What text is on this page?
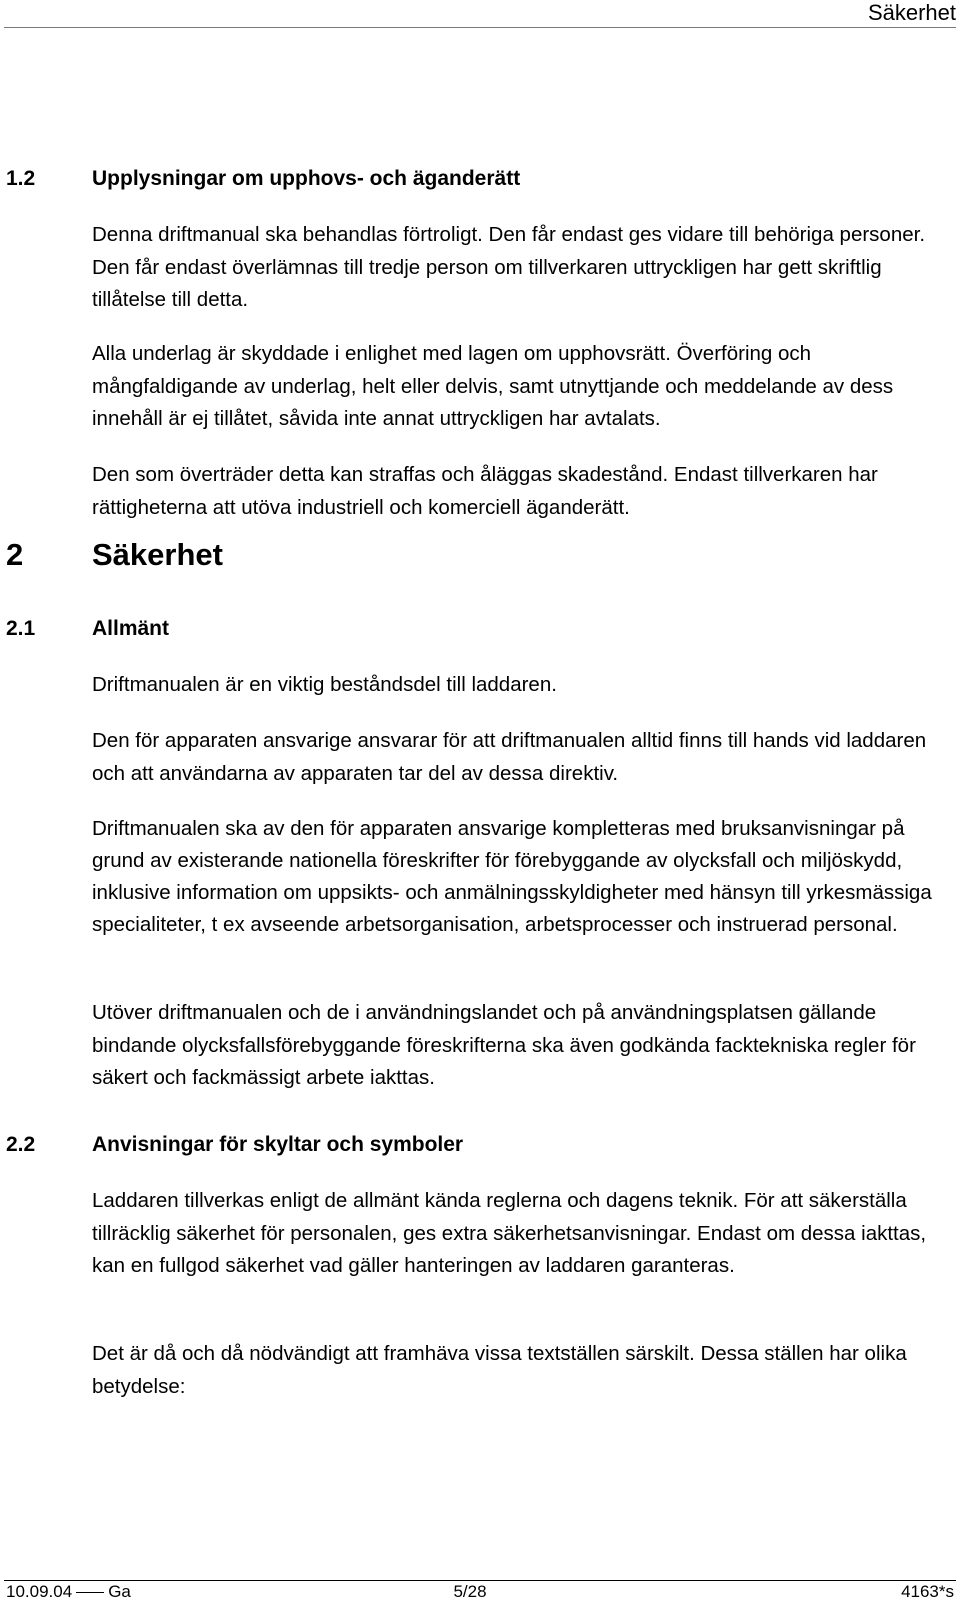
Säkerhet
1.2	Upplysningar om upphovs- och äganderätt

Denna driftmanual ska behandlas förtroligt. Den får endast ges vidare till behöriga personer. Den får endast överlämnas till tredje person om tillverkaren uttryckligen har gett skriftlig tillåtelse till detta.

Alla underlag är skyddade i enlighet med lagen om upphovsrätt. Överföring och mångfaldigande av underlag, helt eller delvis, samt utnyttjande och meddelande av dess innehåll är ej tillåtet, såvida inte annat uttryckligen har avtalats.

Den som överträder detta kan straffas och åläggas skadestånd. Endast tillverkaren har rättigheterna att utöva industriell och komerciell äganderätt.

2 Säkerhet
2.1	Allmänt

Driftmanualen är en viktig beståndsdel till laddaren.

Den för apparaten ansvarige ansvarar för att driftmanualen alltid finns till hands vid laddaren och att användarna av apparaten tar del av dessa direktiv.

Driftmanualen ska av den för apparaten ansvarige kompletteras med bruksanvisningar på grund av existerande nationella föreskrifter för förebyggande av olycksfall och miljöskydd, inklusive information om uppsikts- och anmälningsskyldigheter med hänsyn till yrkesmässiga specialiteter, t ex avseende arbetsorganisation, arbetsprocesser och instruerad personal.

Utöver driftmanualen och de i användningslandet och på användningsplatsen gällande bindande olycksfallsförebyggande föreskrifterna ska även godkända facktekniska regler för säkert och fackmässigt arbete iakttas.

2.2	Anvisningar för skyltar och symboler

Laddaren tillverkas enligt de allmänt kända reglerna och dagens teknik. För att säkerställa tillräcklig säkerhet för personalen, ges extra säkerhetsanvisningar. Endast om dessa iakttas, kan en fullgod säkerhet vad gäller hanteringen av laddaren garanteras.

Det är då och då nödvändigt att framhäva vissa textställen särskilt. Dessa ställen har olika betydelse:

10.09.04 Ga	5/28	4163*s
